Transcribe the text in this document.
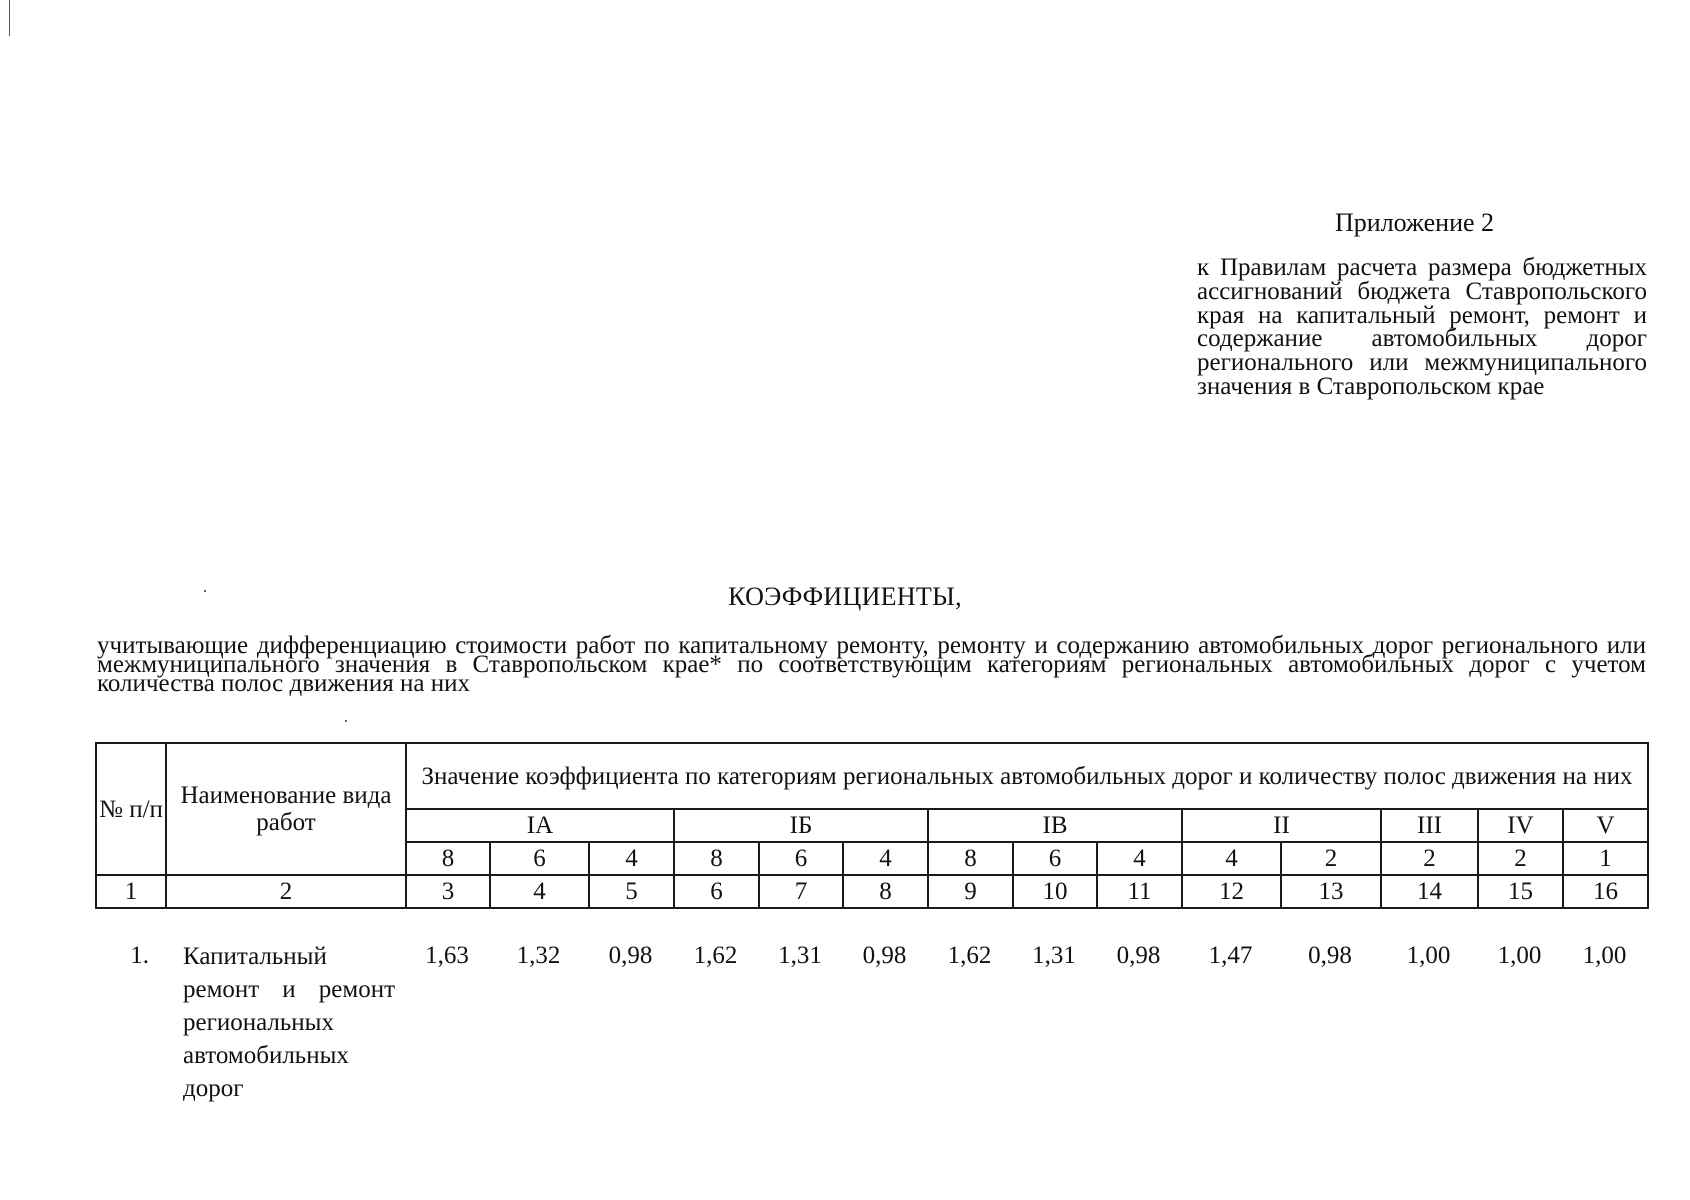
Приложение 2
к Правилам расчета размера бюджетных ассигнований бюджета Ставропольского края на капитальный ремонт, ремонт и содержание автомобильных дорог регионального или межмуниципального значения в Ставропольском крае
КОЭФФИЦИЕНТЫ,
учитывающие дифференциацию стоимости работ по капитальному ремонту, ремонту и содержанию автомобильных дорог регионального или межмуниципального значения в Ставропольском крае* по соответствующим категориям региональных автомобильных дорог с учетом количества полос движения на них
№ п/п	Наименование вида работ	Значение коэффициента по категориям региональных автомобильных дорог и количеству полос движения на них													
		IА			IБ			IВ			II		III	IV	V
		8	6	4	8	6	4	8	6	4	4	2	2	2	1
1	2	3	4	5	6	7	8	9	10	11	12	13	14	15	16
1.	Капитальный ремонт и ремонт региональных автомобильных дорог	1,63	1,32	0,98	1,62	1,31	0,98	1,62	1,31	0,98	1,47	0,98	1,00	1,00	1,00
